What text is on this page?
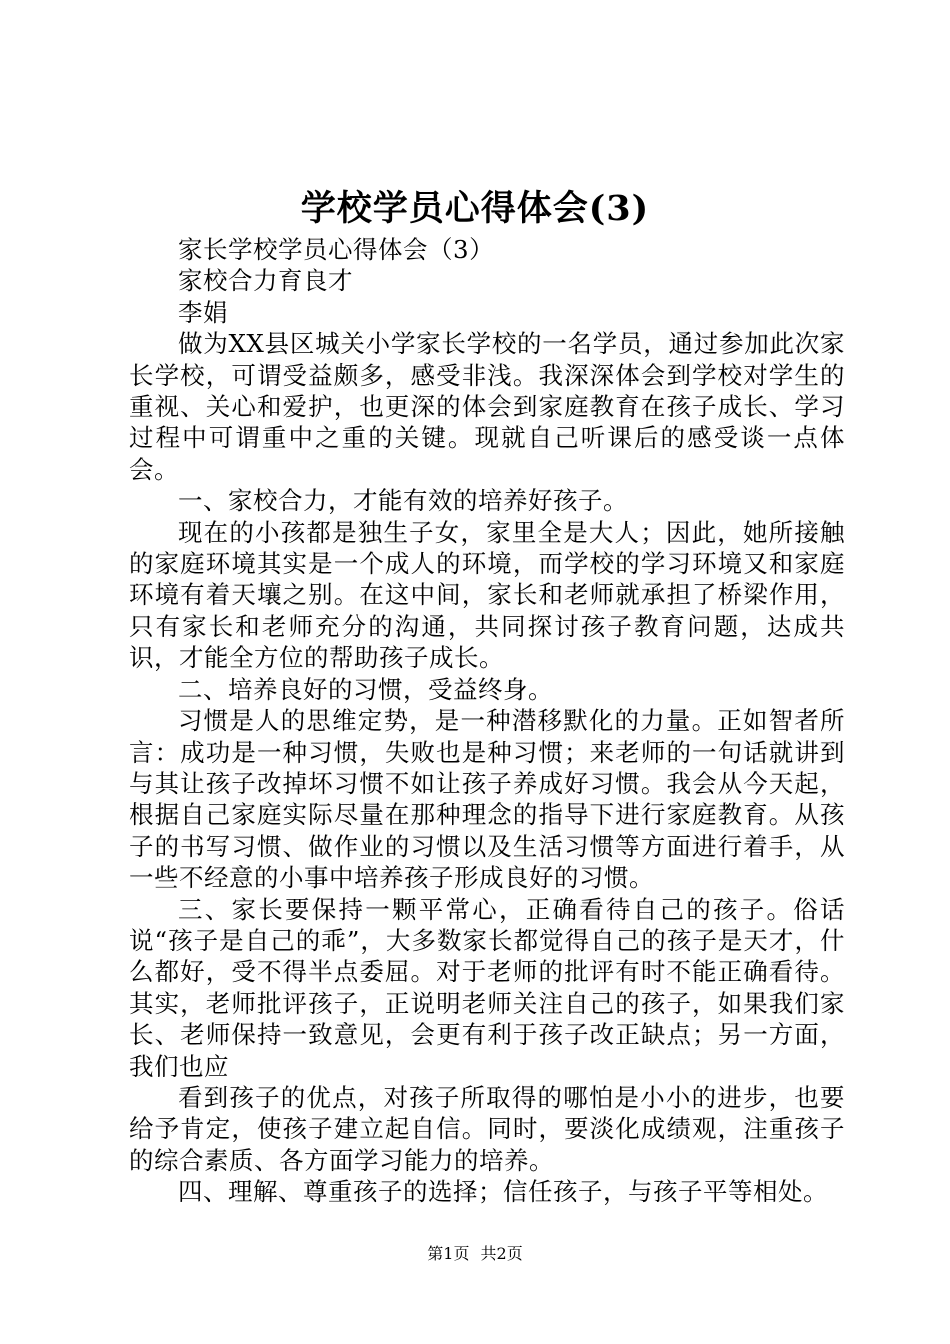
学校学员心得体会(3)

家长学校学员心得体会（3）

家校合力育良才

李娟

做为XX县区城关小学家长学校的一名学员，通过参加此次家长学校，可谓受益颇多，感受非浅。我深深体会到学校对学生的重视、关心和爱护，也更深的体会到家庭教育在孩子成长、学习过程中可谓重中之重的关键。现就自己听课后的感受谈一点体会。

一、家校合力，才能有效的培养好孩子。

现在的小孩都是独生子女，家里全是大人；因此，她所接触的家庭环境其实是一个成人的环境，而学校的学习环境又和家庭环境有着天壤之别。在这中间，家长和老师就承担了桥梁作用，只有家长和老师充分的沟通，共同探讨孩子教育问题，达成共识，才能全方位的帮助孩子成长。

二、培养良好的习惯，受益终身。

习惯是人的思维定势，是一种潜移默化的力量。正如智者所言：成功是一种习惯，失败也是种习惯；来老师的一句话就讲到与其让孩子改掉坏习惯不如让孩子养成好习惯。我会从今天起，根据自己家庭实际尽量在那种理念的指导下进行家庭教育。从孩子的书写习惯、做作业的习惯以及生活习惯等方面进行着手，从一些不经意的小事中培养孩子形成良好的习惯。

三、家长要保持一颗平常心，正确看待自己的孩子。俗话说“孩子是自己的乖”，大多数家长都觉得自己的孩子是天才，什么都好，受不得半点委屈。对于老师的批评有时不能正确看待。其实，老师批评孩子，正说明老师关注自己的孩子，如果我们家长、老师保持一致意见，会更有利于孩子改正缺点；另一方面，我们也应

看到孩子的优点，对孩子所取得的哪怕是小小的进步，也要给予肯定，使孩子建立起自信。同时，要淡化成绩观，注重孩子的综合素质、各方面学习能力的培养。

四、理解、尊重孩子的选择；信任孩子，与孩子平等相处。

第1页 共2页
